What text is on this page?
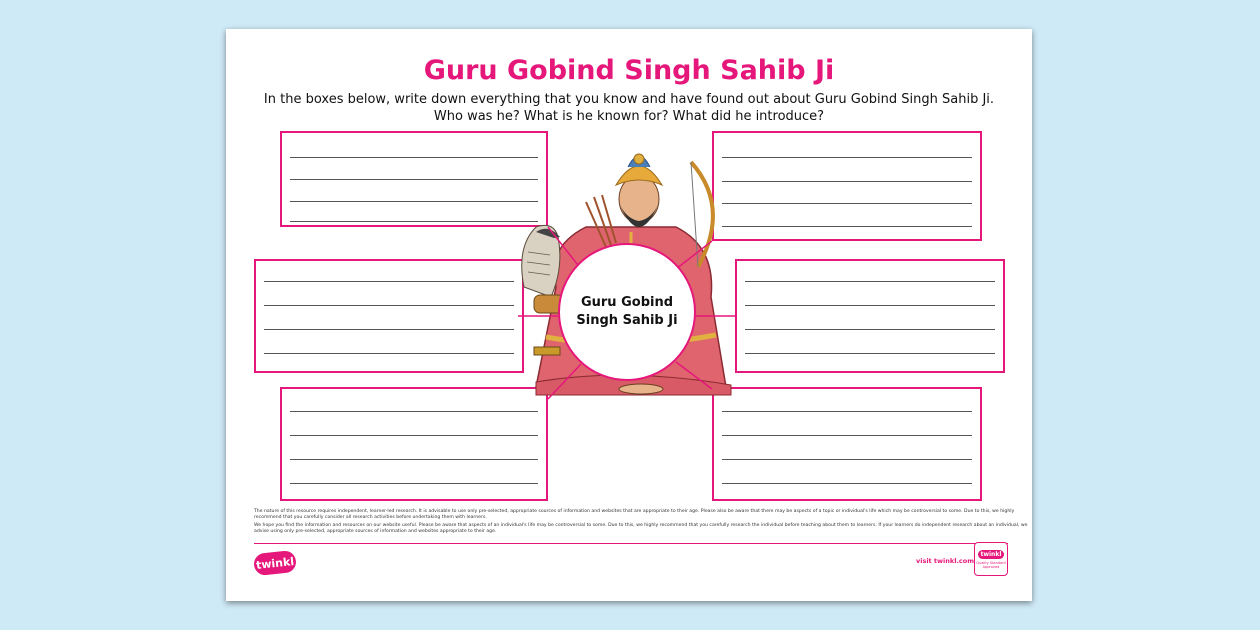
Guru Gobind Singh Sahib Ji
In the boxes below, write down everything that you know and have found out about Guru Gobind Singh Sahib Ji. Who was he? What is he known for? What did he introduce?
Guru Gobind Singh Sahib Ji
The nature of this resource requires independent, learner-led research. It is advisable to use only pre-selected, appropriate sources of information and websites that are appropriate to their age. Please also be aware that there may be aspects of a topic or individual's life which may be controversial to some. Due to this, we highly recommend that you carefully consider all research activities before undertaking them with learners.
We hope you find the information and resources on our website useful. Please be aware that aspects of an individual's life may be controversial to some. Due to this, we highly recommend that you carefully research the individual before teaching about them to learners. If your learners do independent research about an individual, we advise using only pre-selected, appropriate sources of information and websites appropriate to their age.
twinkl	visit twinkl.com
twinkl
Quality Standard Approved
